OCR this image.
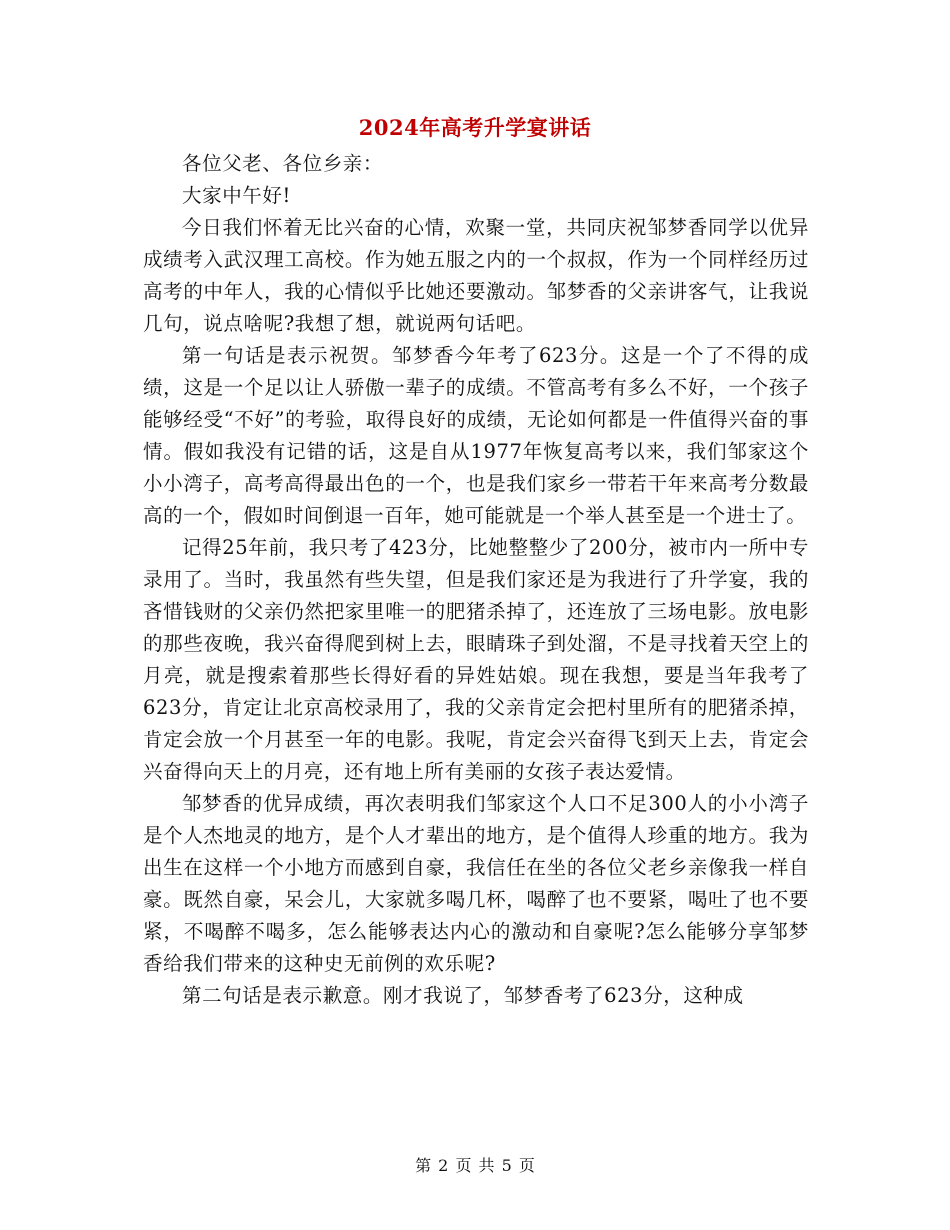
2024年高考升学宴讲话

各位父老、各位乡亲：

大家中午好!

今日我们怀着无比兴奋的心情，欢聚一堂，共同庆祝邹梦香同学以优异成绩考入武汉理工高校。作为她五服之内的一个叔叔，作为一个同样经历过高考的中年人，我的心情似乎比她还要激动。邹梦香的父亲讲客气，让我说几句，说点啥呢?我想了想，就说两句话吧。

第一句话是表示祝贺。邹梦香今年考了623分。这是一个了不得的成绩，这是一个足以让人骄傲一辈子的成绩。不管高考有多么不好，一个孩子能够经受“不好”的考验，取得良好的成绩，无论如何都是一件值得兴奋的事情。假如我没有记错的话，这是自从1977年恢复高考以来，我们邹家这个小小湾子，高考高得最出色的一个，也是我们家乡一带若干年来高考分数最高的一个，假如时间倒退一百年，她可能就是一个举人甚至是一个进士了。

记得25年前，我只考了423分，比她整整少了200分，被市内一所中专录用了。当时，我虽然有些失望，但是我们家还是为我进行了升学宴，我的吝惜钱财的父亲仍然把家里唯一的肥猪杀掉了，还连放了三场电影。放电影的那些夜晚，我兴奋得爬到树上去，眼睛珠子到处溜，不是寻找着天空上的月亮，就是搜索着那些长得好看的异姓姑娘。现在我想，要是当年我考了623分，肯定让北京高校录用了，我的父亲肯定会把村里所有的肥猪杀掉，肯定会放一个月甚至一年的电影。我呢，肯定会兴奋得飞到天上去，肯定会兴奋得向天上的月亮，还有地上所有美丽的女孩子表达爱情。

邹梦香的优异成绩，再次表明我们邹家这个人口不足300人的小小湾子是个人杰地灵的地方，是个人才辈出的地方，是个值得人珍重的地方。我为出生在这样一个小地方而感到自豪，我信任在坐的各位父老乡亲像我一样自豪。既然自豪，呆会儿，大家就多喝几杯，喝醉了也不要紧，喝吐了也不要紧，不喝醉不喝多，怎么能够表达内心的激动和自豪呢?怎么能够分享邹梦香给我们带来的这种史无前例的欢乐呢?

第二句话是表示歉意。刚才我说了，邹梦香考了623分，这种成

第 2 页 共 5 页
